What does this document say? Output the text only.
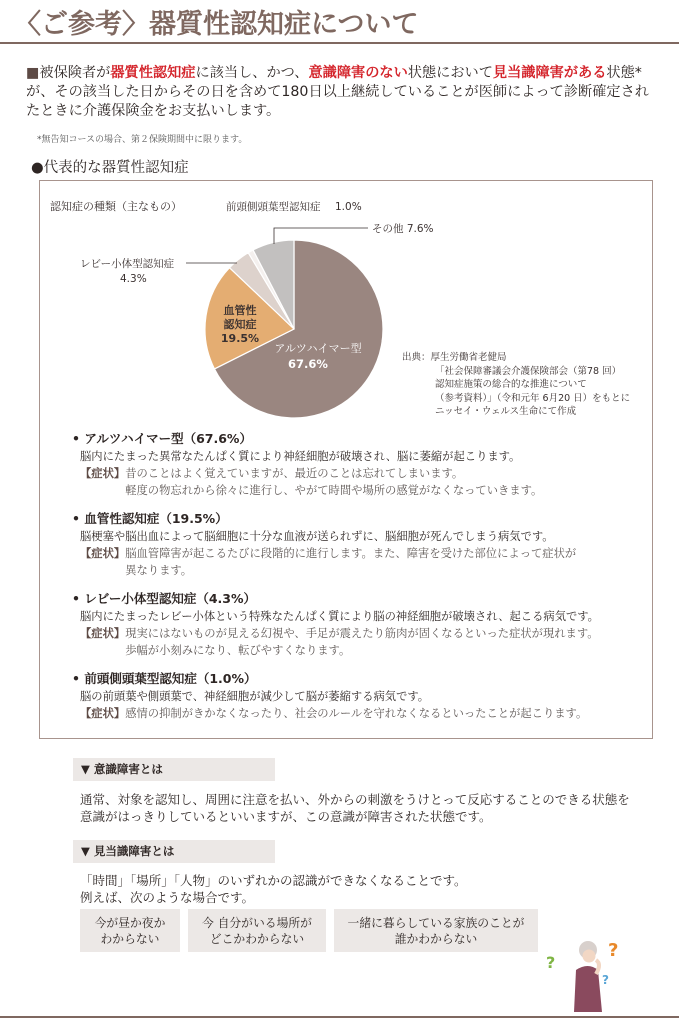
〈ご参考〉器質性認知症について
■被保険者が器質性認知症に該当し、かつ、意識障害のない状態において見当識障害がある状態*が、その該当した日からその日を含めて180日以上継続していることが医師によって診断確定されたときに介護保険金をお支払いします。
*無告知コースの場合、第２保険期間中に限ります。
●代表的な器質性認知症
認知症の種類（主なもの）	前頭側頭葉型認知症 1.0%
その他 7.6%
レビー小体型認知症
4.3%
血管性
認知症
19.5%
アルツハイマー型
67.6%	出典：厚生労働省老健局
「社会保障審議会介護保険部会（第78 回）
認知症施策の総合的な推進について
（参考資料）」（令和元年 6月20 日）をもとに
ニッセイ・ウェルス生命にて作成
• アルツハイマー型（67.6%）
脳内にたまった異常なたんぱく質により神経細胞が破壊され、脳に萎縮が起こります。
【症状】 昔のことはよく覚えていますが、最近のことは忘れてしまいます。
軽度の物忘れから徐々に進行し、やがて時間や場所の感覚がなくなっていきます。
• 血管性認知症（19.5%）
脳梗塞や脳出血によって脳細胞に十分な血液が送られずに、脳細胞が死んでしまう病気です。
【症状】 脳血管障害が起こるたびに段階的に進行します。また、障害を受けた部位によって症状が
異なります。
• レビー小体型認知症（4.3%）
脳内にたまったレビー小体という特殊なたんぱく質により脳の神経細胞が破壊され、起こる病気です。
【症状】 現実にはないものが見える幻視や、手足が震えたり筋肉が固くなるといった症状が現れます。
歩幅が小刻みになり、転びやすくなります。
• 前頭側頭葉型認知症（1.0%）
脳の前頭葉や側頭葉で、神経細胞が減少して脳が萎縮する病気です。
【症状】 感情の抑制がきかなくなったり、社会のルールを守れなくなるといったことが起こります。
▼ 意識障害とは
通常、対象を認知し、周囲に注意を払い、外からの刺激をうけとって反応することのできる状態を
意識がはっきりしているといいますが、この意識が障害された状態です。
▼ 見当識障害とは
「時間」「場所」「人物」のいずれかの認識ができなくなることです。
例えば、次のような場合です。
今が昼か夜か
わからない
今 自分がいる場所が
どこかわからない
一緒に暮らしている家族のことが
誰かわからない
?
?
?
